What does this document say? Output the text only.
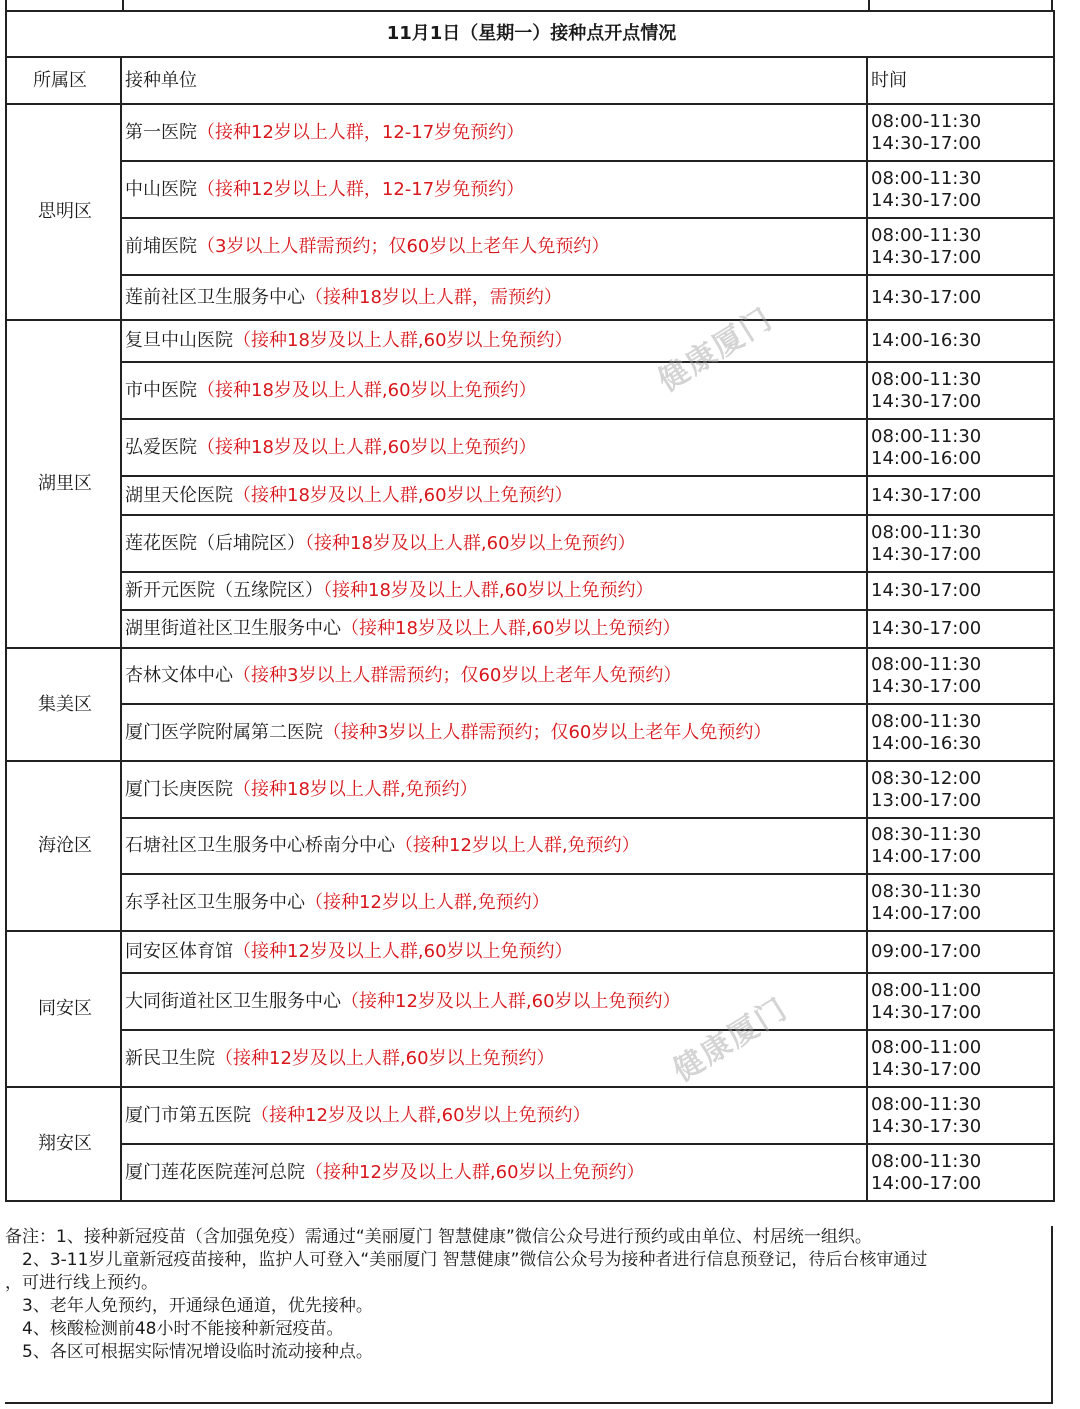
11月1日（星期一）接种点开点情况		
所属区	接种单位	时间
思明区	第一医院（接种12岁以上人群，12-17岁免预约）	08:00-11:30
14:30-17:00

	中山医院（接种12岁以上人群，12-17岁免预约）	08:00-11:30
14:30-17:00

	前埔医院（3岁以上人群需预约；仅60岁以上老年人免预约）	08:00-11:30
14:30-17:00

	莲前社区卫生服务中心（接种18岁以上人群，需预约）	14:30-17:00

湖里区	复旦中山医院（接种18岁及以上人群,60岁以上免预约）	14:00-16:30

	市中医院（接种18岁及以上人群,60岁以上免预约）	08:00-11:30
14:30-17:00

	弘爱医院（接种18岁及以上人群,60岁以上免预约）	08:00-11:30
14:00-16:00

	湖里天伦医院（接种18岁及以上人群,60岁以上免预约）	14:30-17:00

	莲花医院（后埔院区）（接种18岁及以上人群,60岁以上免预约）	08:00-11:30
14:30-17:00

	新开元医院（五缘院区）（接种18岁及以上人群,60岁以上免预约）	14:30-17:00

	湖里街道社区卫生服务中心（接种18岁及以上人群,60岁以上免预约）	14:30-17:00

集美区	杏林文体中心（接种3岁以上人群需预约；仅60岁以上老年人免预约）	08:00-11:30
14:30-17:00

	厦门医学院附属第二医院（接种3岁以上人群需预约；仅60岁以上老年人免预约）	08:00-11:30
14:00-16:30

海沧区	厦门长庚医院（接种18岁以上人群,免预约）	08:30-12:00
13:00-17:00

	石塘社区卫生服务中心桥南分中心（接种12岁以上人群,免预约）	08:30-11:30
14:00-17:00

	东孚社区卫生服务中心（接种12岁以上人群,免预约）	08:30-11:30
14:00-17:00

同安区	同安区体育馆（接种12岁及以上人群,60岁以上免预约）	09:00-17:00

	大同街道社区卫生服务中心（接种12岁及以上人群,60岁以上免预约）	08:00-11:00
14:30-17:00

	新民卫生院（接种12岁及以上人群,60岁以上免预约）	08:00-11:00
14:30-17:00

翔安区	厦门市第五医院（接种12岁及以上人群,60岁以上免预约）	08:00-11:30
14:30-17:30

	厦门莲花医院莲河总院（接种12岁及以上人群,60岁以上免预约）	08:00-11:30
14:00-17:00
备注：1、接种新冠疫苗（含加强免疫）需通过“美丽厦门 智慧健康”微信公众号进行预约或由单位、村居统一组织。
　2、3-11岁儿童新冠疫苗接种，监护人可登入“美丽厦门 智慧健康”微信公众号为接种者进行信息预登记，待后台核审通过
，可进行线上预约。
　3、老年人免预约，开通绿色通道，优先接种。
　4、核酸检测前48小时不能接种新冠疫苗。
　5、各区可根据实际情况增设临时流动接种点。
健康厦门
健康厦门
